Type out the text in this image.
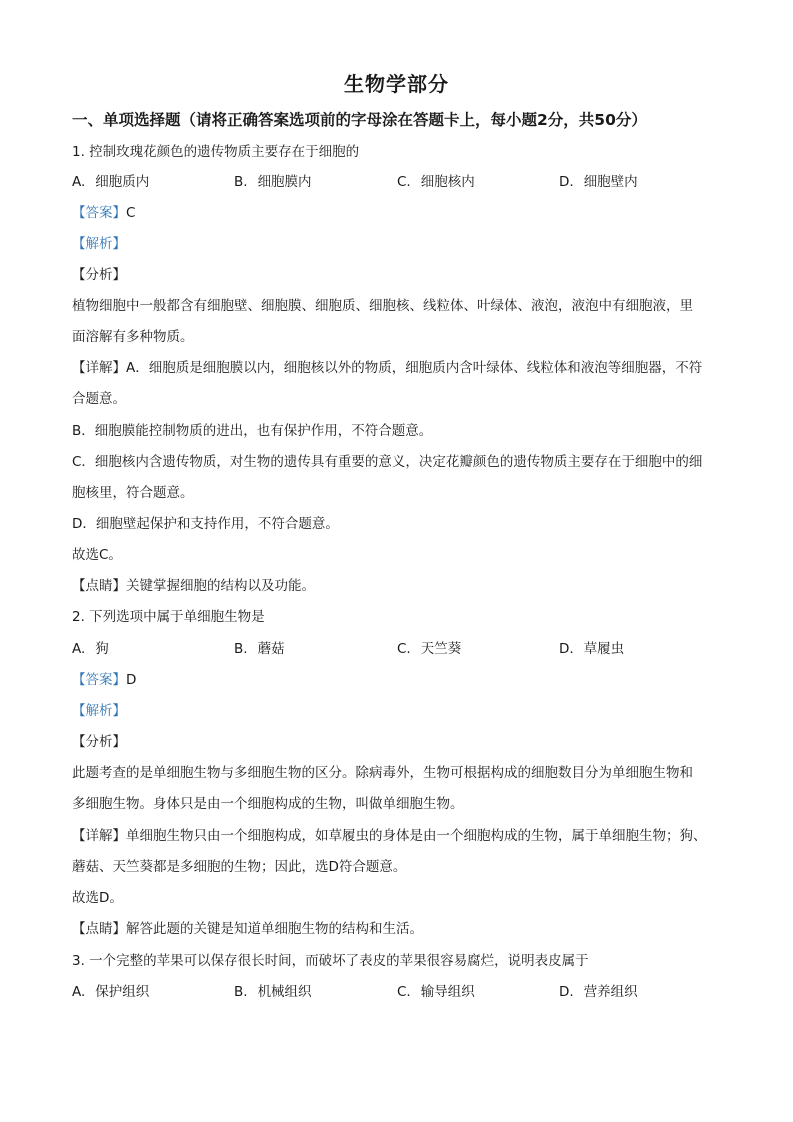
生物学部分
一、单项选择题（请将正确答案选项前的字母涂在答题卡上，每小题2分，共50分）
1. 控制玫瑰花颜色的遗传物质主要存在于细胞的
A. 细胞质内	B. 细胞膜内	C. 细胞核内	D. 细胞壁内
【答案】C
【解析】
【分析】
植物细胞中一般都含有细胞壁、细胞膜、细胞质、细胞核、线粒体、叶绿体、液泡，液泡中有细胞液，里
面溶解有多种物质。
【详解】A．细胞质是细胞膜以内，细胞核以外的物质，细胞质内含叶绿体、线粒体和液泡等细胞器，不符
合题意。
B．细胞膜能控制物质的进出，也有保护作用，不符合题意。
C．细胞核内含遗传物质，对生物的遗传具有重要的意义，决定花瓣颜色的遗传物质主要存在于细胞中的细
胞核里，符合题意。
D．细胞壁起保护和支持作用，不符合题意。
故选C。
【点睛】关键掌握细胞的结构以及功能。
2. 下列选项中属于单细胞生物是
A. 狗	B. 蘑菇	C. 天竺葵	D. 草履虫
【答案】D
【解析】
【分析】
此题考查的是单细胞生物与多细胞生物的区分。除病毒外，生物可根据构成的细胞数目分为单细胞生物和
多细胞生物。身体只是由一个细胞构成的生物，叫做单细胞生物。
【详解】单细胞生物只由一个细胞构成，如草履虫的身体是由一个细胞构成的生物，属于单细胞生物；狗、
蘑菇、天竺葵都是多细胞的生物；因此，选D符合题意。
故选D。
【点睛】解答此题的关键是知道单细胞生物的结构和生活。
3. 一个完整的苹果可以保存很长时间，而破坏了表皮的苹果很容易腐烂，说明表皮属于
A. 保护组织	B. 机械组织	C. 输导组织	D. 营养组织
